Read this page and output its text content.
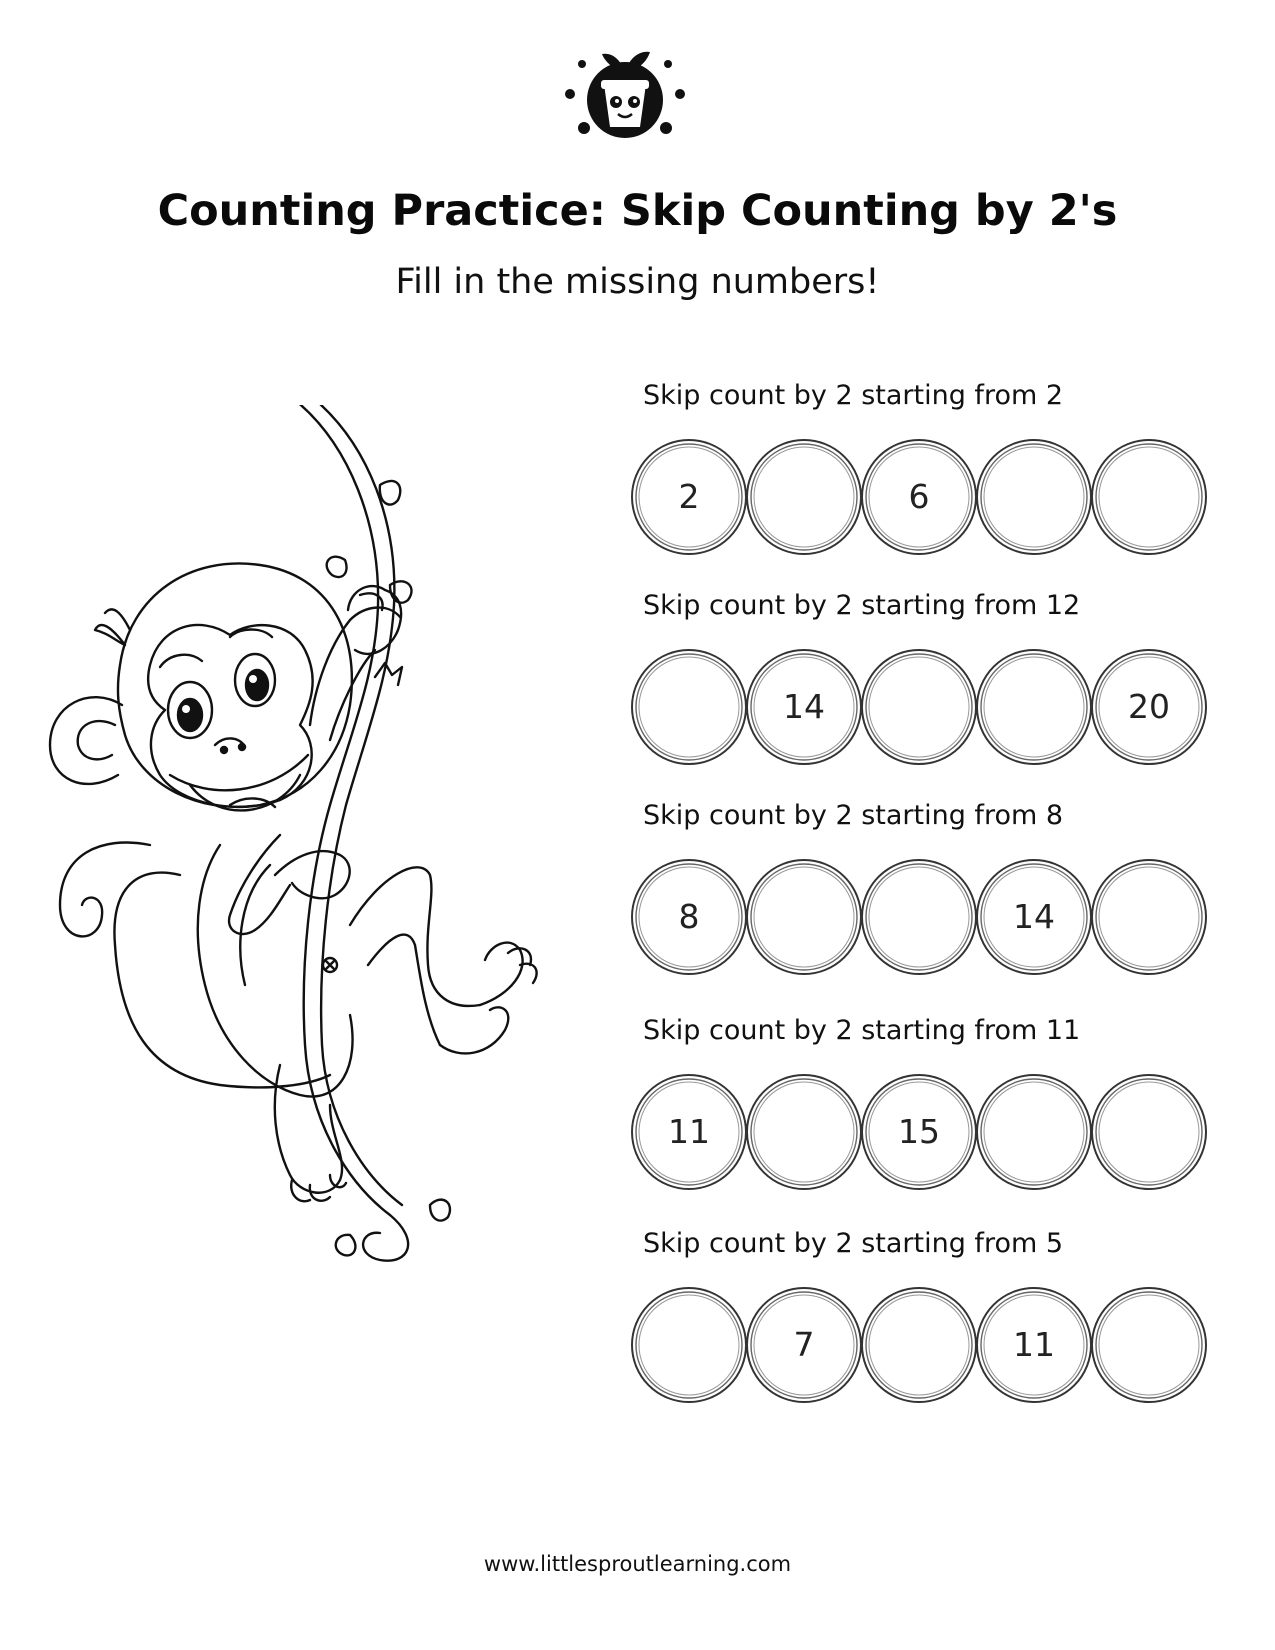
Counting Practice: Skip Counting by 2's

Fill in the missing numbers!

Skip count by 2 starting from 2
2	6
Skip count by 2 starting from 12
14	20
Skip count by 2 starting from 8
8	14
Skip count by 2 starting from 11
11	15
Skip count by 2 starting from 5
7	11
www.littlesproutlearning.com
